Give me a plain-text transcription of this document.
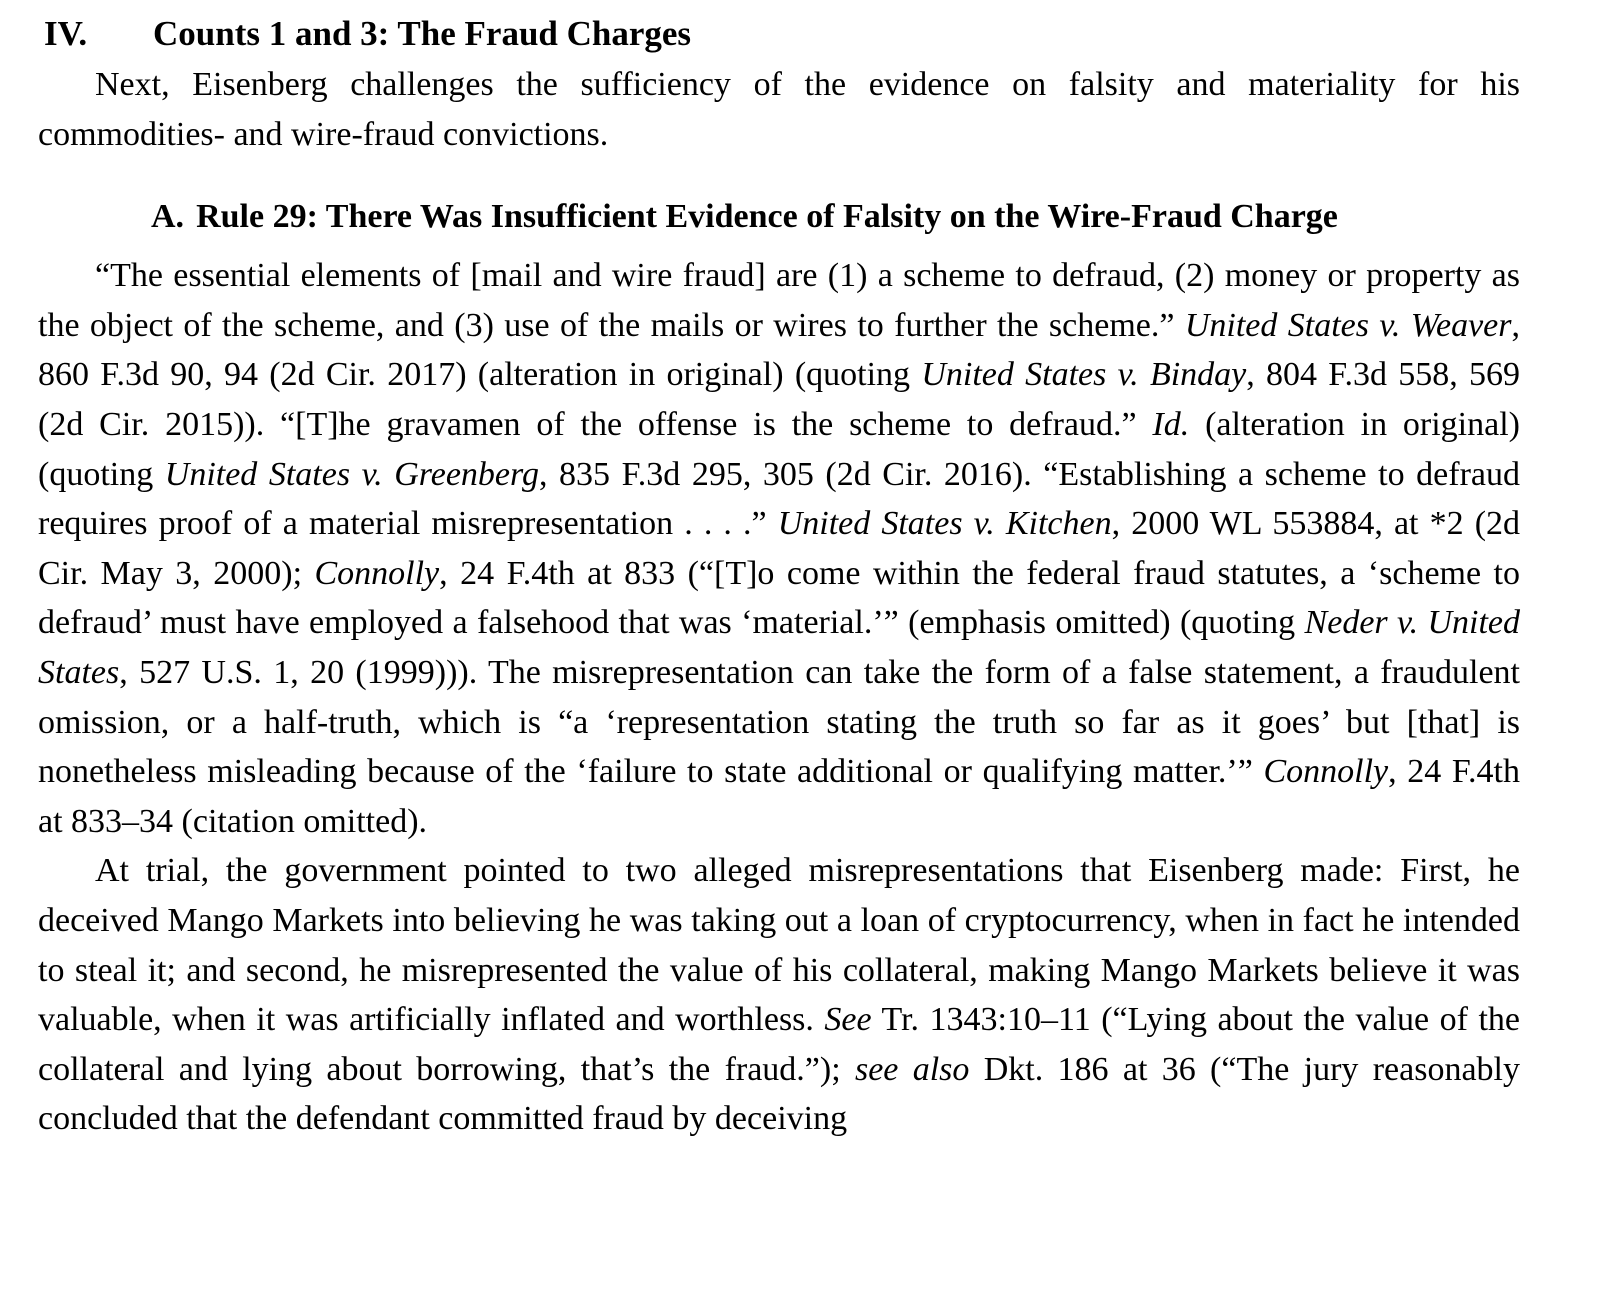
IV. Counts 1 and 3: The Fraud Charges

Next, Eisenberg challenges the sufficiency of the evidence on falsity and materiality for his commodities- and wire-fraud convictions.

A. Rule 29: There Was Insufficient Evidence of Falsity on the Wire-Fraud Charge

“The essential elements of [mail and wire fraud] are (1) a scheme to defraud, (2) money or property as the object of the scheme, and (3) use of the mails or wires to further the scheme.” United States v. Weaver, 860 F.3d 90, 94 (2d Cir. 2017) (alteration in original) (quoting United States v. Binday, 804 F.3d 558, 569 (2d Cir. 2015)). “[T]he gravamen of the offense is the scheme to defraud.” Id. (alteration in original) (quoting United States v. Greenberg, 835 F.3d 295, 305 (2d Cir. 2016). “Establishing a scheme to defraud requires proof of a material misrepresentation . . . .” United States v. Kitchen, 2000 WL 553884, at *2 (2d Cir. May 3, 2000); Connolly, 24 F.4th at 833 (“[T]o come within the federal fraud statutes, a ‘scheme to defraud’ must have employed a falsehood that was ‘material.’” (emphasis omitted) (quoting Neder v. United States, 527 U.S. 1, 20 (1999))). The misrepresentation can take the form of a false statement, a fraudulent omission, or a half-truth, which is “a ‘representation stating the truth so far as it goes’ but [that] is nonetheless misleading because of the ‘failure to state additional or qualifying matter.’” Connolly, 24 F.4th at 833–34 (citation omitted).

At trial, the government pointed to two alleged misrepresentations that Eisenberg made: First, he deceived Mango Markets into believing he was taking out a loan of cryptocurrency, when in fact he intended to steal it; and second, he misrepresented the value of his collateral, making Mango Markets believe it was valuable, when it was artificially inflated and worthless. See Tr. 1343:10–11 (“Lying about the value of the collateral and lying about borrowing, that’s the fraud.”); see also Dkt. 186 at 36 (“The jury reasonably concluded that the defendant committed fraud by deceiving
